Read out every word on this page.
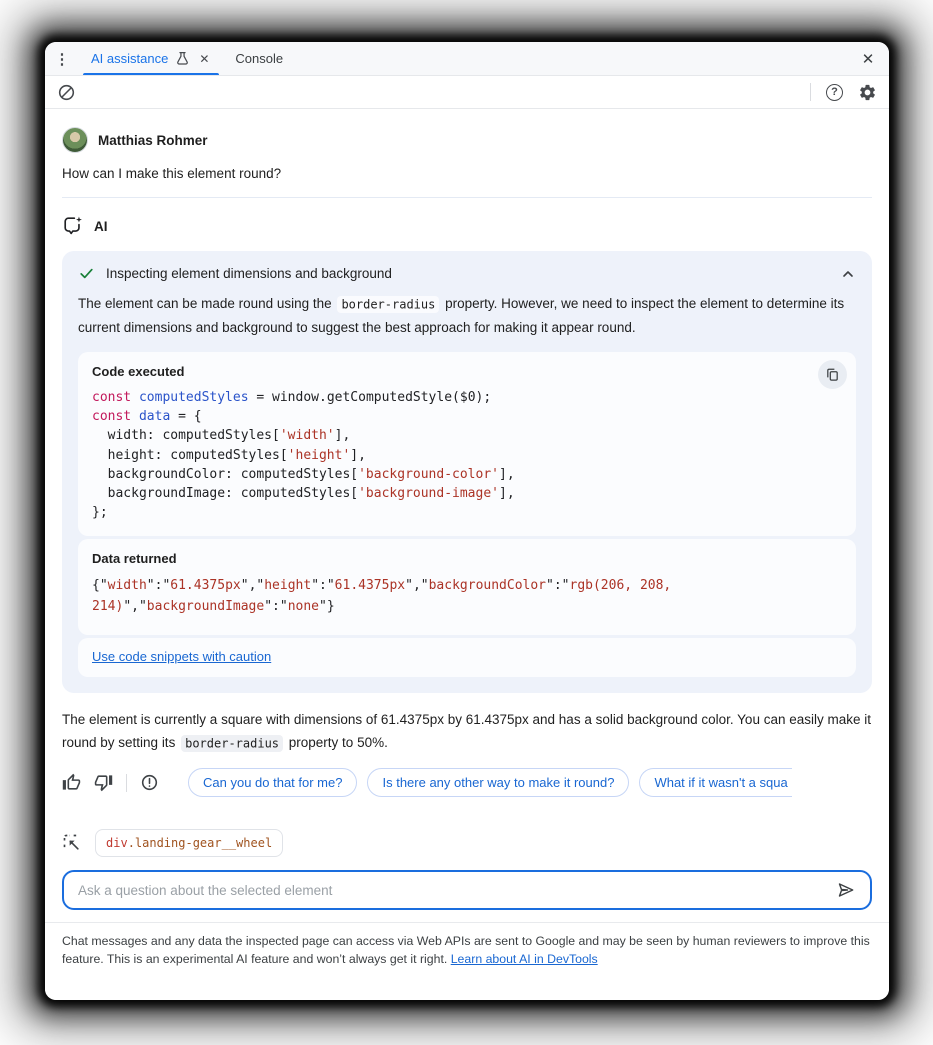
⋮	AI assistance	✕ Console	✕
?
Matthias Rohmer
How can I make this element round?
AI
Inspecting element dimensions and background
The element can be made round using the border-radius property. However, we need to inspect the element to determine its current dimensions and background to suggest the best approach for making it appear round.
Code executed
const computedStyles = window.getComputedStyle($0);
const data = {
width: computedStyles['width'],
height: computedStyles['height'],
backgroundColor: computedStyles['background-color'],
backgroundImage: computedStyles['background-image'],
};
Data returned
{"width":"61.4375px","height":"61.4375px","backgroundColor":"rgb(206, 208, 214)","backgroundImage":"none"}
Use code snippets with caution
The element is currently a square with dimensions of 61.4375px by 61.4375px and has a solid background color. You can easily make it round by setting its border-radius property to 50%.
Can you do that for me?	Is there any other way to make it round?	What if it wasn't a squa
div.landing-gear__wheel
Ask a question about the selected element
Chat messages and any data the inspected page can access via Web APIs are sent to Google and may be seen by human reviewers to improve this feature. This is an experimental AI feature and won’t always get it right. Learn about AI in DevTools
